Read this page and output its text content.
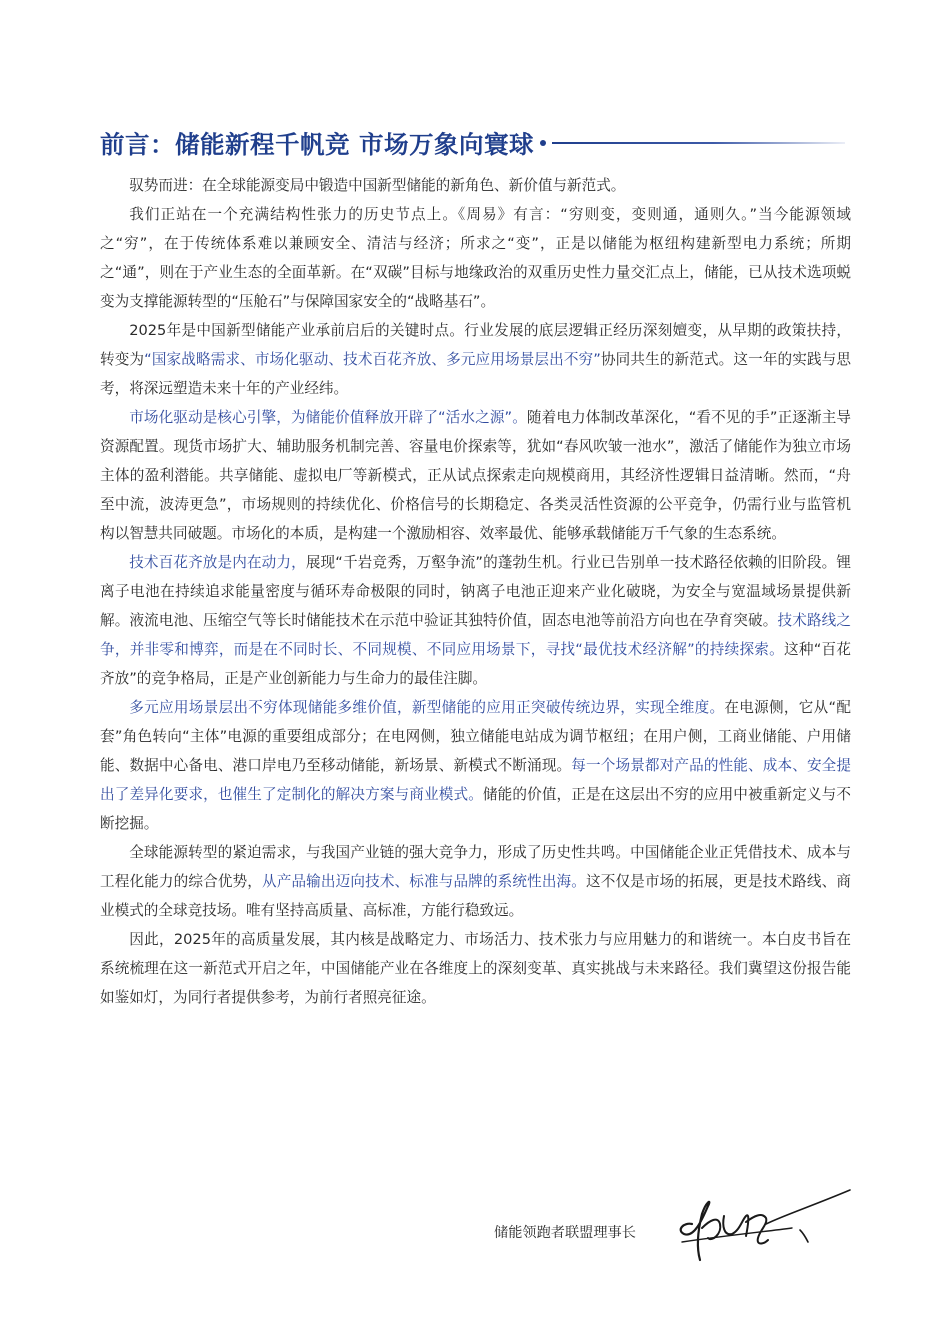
前言：储能新程千帆竞 市场万象向寰球

驭势而进：在全球能源变局中锻造中国新型储能的新角色、新价值与新范式。

我们正站在一个充满结构性张力的历史节点上。《周易》有言：“穷则变，变则通，通则久。”当今能源领域之“穷”，在于传统体系难以兼顾安全、清洁与经济；所求之“变”，正是以储能为枢纽构建新型电力系统；所期之“通”，则在于产业生态的全面革新。在“双碳”目标与地缘政治的双重历史性力量交汇点上，储能，已从技术选项蜕变为支撑能源转型的“压舱石”与保障国家安全的“战略基石”。

2025年是中国新型储能产业承前启后的关键时点。行业发展的底层逻辑正经历深刻嬗变，从早期的政策扶持，转变为“国家战略需求、市场化驱动、技术百花齐放、多元应用场景层出不穷”协同共生的新范式。这一年的实践与思考，将深远塑造未来十年的产业经纬。

市场化驱动是核心引擎，为储能价值释放开辟了“活水之源”。随着电力体制改革深化，“看不见的手”正逐渐主导资源配置。现货市场扩大、辅助服务机制完善、容量电价探索等，犹如“春风吹皱一池水”，激活了储能作为独立市场主体的盈利潜能。共享储能、虚拟电厂等新模式，正从试点探索走向规模商用，其经济性逻辑日益清晰。然而，“舟至中流，波涛更急”，市场规则的持续优化、价格信号的长期稳定、各类灵活性资源的公平竞争，仍需行业与监管机构以智慧共同破题。市场化的本质，是构建一个激励相容、效率最优、能够承载储能万千气象的生态系统。

技术百花齐放是内在动力，展现“千岩竞秀，万壑争流”的蓬勃生机。行业已告别单一技术路径依赖的旧阶段。锂离子电池在持续追求能量密度与循环寿命极限的同时，钠离子电池正迎来产业化破晓，为安全与宽温域场景提供新解。液流电池、压缩空气等长时储能技术在示范中验证其独特价值，固态电池等前沿方向也在孕育突破。技术路线之争，并非零和博弈，而是在不同时长、不同规模、不同应用场景下，寻找“最优技术经济解”的持续探索。这种“百花齐放”的竞争格局，正是产业创新能力与生命力的最佳注脚。

多元应用场景层出不穷体现储能多维价值，新型储能的应用正突破传统边界，实现全维度。在电源侧，它从“配套”角色转向“主体”电源的重要组成部分；在电网侧，独立储能电站成为调节枢纽；在用户侧，工商业储能、户用储能、数据中心备电、港口岸电乃至移动储能，新场景、新模式不断涌现。每一个场景都对产品的性能、成本、安全提出了差异化要求，也催生了定制化的解决方案与商业模式。储能的价值，正是在这层出不穷的应用中被重新定义与不断挖掘。

全球能源转型的紧迫需求，与我国产业链的强大竞争力，形成了历史性共鸣。中国储能企业正凭借技术、成本与工程化能力的综合优势，从产品输出迈向技术、标准与品牌的系统性出海。这不仅是市场的拓展，更是技术路线、商业模式的全球竞技场。唯有坚持高质量、高标准，方能行稳致远。

因此，2025年的高质量发展，其内核是战略定力、市场活力、技术张力与应用魅力的和谐统一。本白皮书旨在系统梳理在这一新范式开启之年，中国储能产业在各维度上的深刻变革、真实挑战与未来路径。我们冀望这份报告能如鉴如灯，为同行者提供参考，为前行者照亮征途。

储能领跑者联盟理事长
